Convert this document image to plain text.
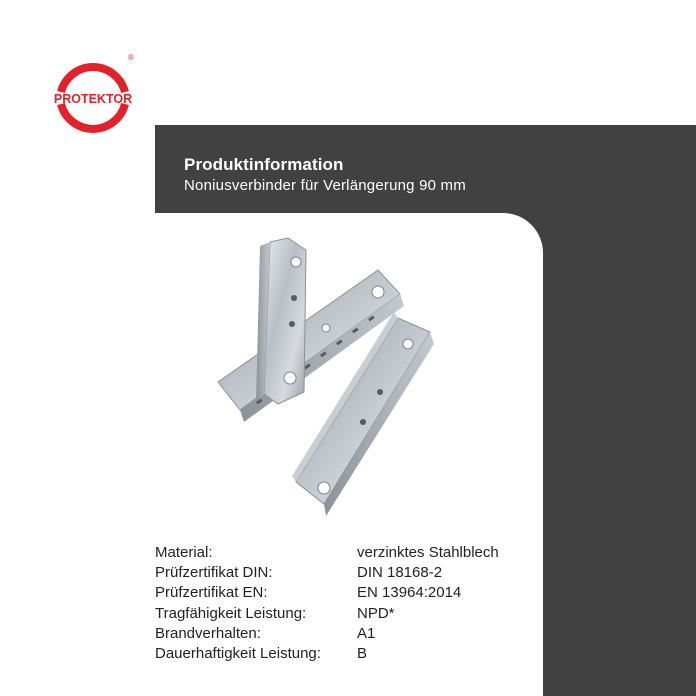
PROTEKTOR
®
Produktinformation
Noniusverbinder für Verlängerung 90 mm
Material:	verzinktes Stahlblech
Prüfzertifikat DIN:	DIN 18168-2
Prüfzertifikat EN:	EN 13964:2014
Tragfähigkeit Leistung:	NPD*
Brandverhalten:	A1
Dauerhaftigkeit Leistung: B
